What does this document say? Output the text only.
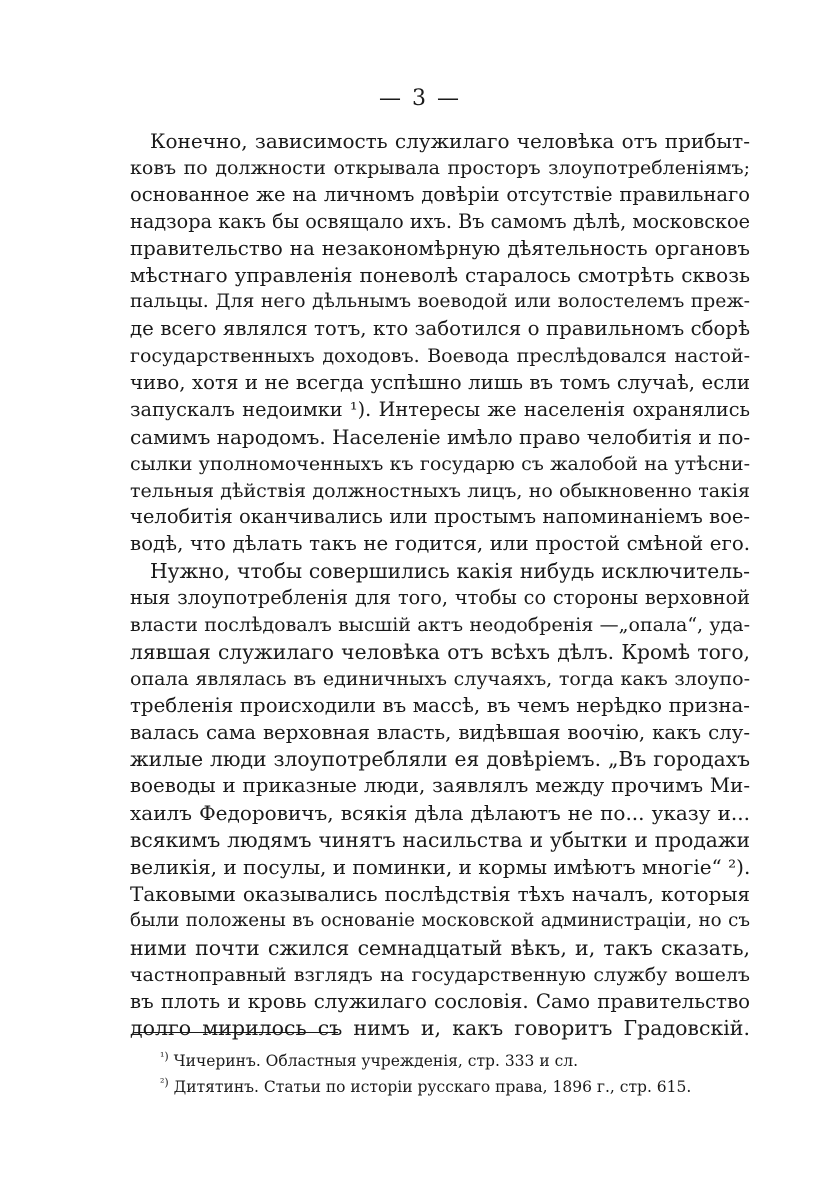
— 3 —
Конечно, зависимость служилаго человѣка отъ прибыт-
ковъ по должности открывала просторъ злоупотребленіямъ;
основанное же на личномъ довѣріи отсутствіе правильнаго
надзора какъ бы освящало ихъ. Въ самомъ дѣлѣ, московское
правительство на незакономѣрную дѣятельность органовъ
мѣстнаго управленія поневолѣ старалось смотрѣть сквозь
пальцы. Для него дѣльнымъ воеводой или волостелемъ преж-
де всего являлся тотъ, кто заботился о правильномъ сборѣ
государственныхъ доходовъ. Воевода преслѣдовался настой-
чиво, хотя и не всегда успѣшно лишь въ томъ случаѣ, если
запускалъ недоимки ¹). Интересы же населенія охранялись
самимъ народомъ. Населеніе имѣло право челобитія и по-
сылки уполномоченныхъ къ государю съ жалобой на утѣсни-
тельныя дѣйствія должностныхъ лицъ, но обыкновенно такія
челобитія оканчивались или простымъ напоминаніемъ вое-
водѣ, что дѣлать такъ не годится, или простой смѣной его.
Нужно, чтобы совершились какія нибудь исключитель-
ныя злоупотребленія для того, чтобы со стороны верховной
власти послѣдовалъ высшій актъ неодобренія —„опала“, уда-
лявшая служилаго человѣка отъ всѣхъ дѣлъ. Кромѣ того,
опала являлась въ единичныхъ случаяхъ, тогда какъ злоупо-
требленія происходили въ массѣ, въ чемъ нерѣдко призна-
валась сама верховная власть, видѣвшая воочію, какъ слу-
жилые люди злоупотребляли ея довѣріемъ. „Въ городахъ
воеводы и приказные люди, заявлялъ между прочимъ Ми-
хаилъ Федоровичъ, всякія дѣла дѣлаютъ не по... указу и...
всякимъ людямъ чинятъ насильства и убытки и продажи
великія, и посулы, и поминки, и кормы имѣютъ многіе“ ²).
Таковыми оказывались послѣдствія тѣхъ началъ, которыя
были положены въ основаніе московской администраціи, но съ
ними почти сжился семнадцатый вѣкъ, и, такъ сказать,
частноправный взглядъ на государственную службу вошелъ
въ плоть и кровь служилаго сословія. Само правительство
долго мирилось съ нимъ и, какъ говоритъ Градовскій.
$^{^1)}$ Чичеринъ. Областныя учрежденія, стр. 333 и сл.
$^{^2)}$ Дитятинъ. Статьи по исторіи русскаго права, 1896 г., стр. 615.
